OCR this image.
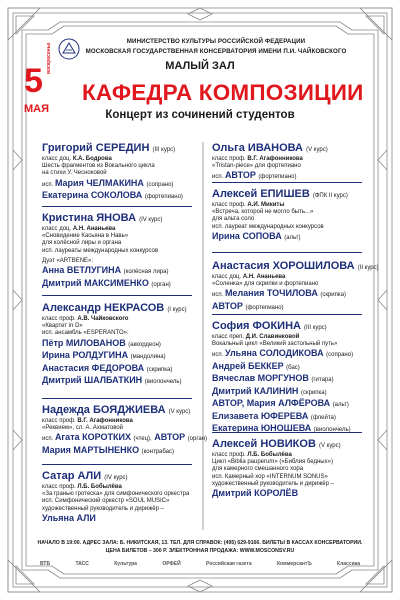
МИНИСТЕРСТВО КУЛЬТУРЫ РОССИЙСКОЙ ФЕДЕРАЦИИ
МОСКОВСКАЯ ГОСУДАРСТВЕННАЯ КОНСЕРВАТОРИЯ ИМЕНИ П.И. ЧАЙКОВСКОГО
МАЛЫЙ ЗАЛ
5
воскресенье
МАЯ
КАФЕДРА КОМПОЗИЦИИ
Концерт из сочинений студентов
Григорий СЕРЕДИН (III курс)
класс доц. К.А. Бодрова
Шесть фрагментов из Вокального цикла
на стихи У. Чесноковой
исп. Мария ЧЕЛМАКИНА (сопрано)
Екатерина СОКОЛОВА (фортепиано)
Кристина ЯНОВА (IV курс)
класс доц. А.Н. Ананьева
«Сновидение Касьяна в Навь»
для колёсной лиры и органа
исп. лауреаты международных конкурсов
Дуэт «ARTBENE»:
Анна ВЕТЛУГИНА (колёсная лира)
Дмитрий МАКСИМЕНКО (орган)
Александр НЕКРАСОВ (I курс)
класс проф. А.В. Чайковского
«Квартет in D»
исп. ансамбль «ESPERANTO»:
Пётр МИЛОВАНОВ (аккордеон)
Ирина РОЛДУГИНА (мандолина)
Анастасия ФЕДОРОВА (скрипка)
Дмитрий ШАЛБАТКИН (виолончель)
Надежда БОЯДЖИЕВА (V курс)
класс проф. В.Г. Агафонникова
«Реквием», сл. А. Ахматовой
исп. Агата КОРОТКИХ (чтец), АВТОР (орган)
Мария МАРТЫНЕНКО (контрабас)
Сатар АЛИ (IV курс)
класс проф. Л.Б. Бобылёва
«За гранью гротеска» для симфонического оркестра
исп. Симфонический оркестр «SOUL MUSIC»
художественный руководитель и дирижёр –
Ульяна АЛИ
Ольга ИВАНОВА (V курс)
класс проф. В.Г. Агафонникова
«Tristan-piece» для фортепиано
исп. АВТОР (фортепиано)
Алексей ЕПИШЕВ (ФПК II курс)
класс проф. А.И. Микиты
«Встреча, которой не могло быть...»
для альта соло
исп. лауреат международных конкурсов
Ирина СОПОВА (альт)
Анастасия ХОРОШИЛОВА (II курс)
класс доц. А.Н. Ананьева
«Соленка» для скрипки и фортепиано
исп. Мелания ТОЧИЛОВА (скрипка)
АВТОР (фортепиано)
София ФОКИНА (III курс)
класс преп. Д.И. Славинковой
Вокальный цикл «Великий застольный путь»
исп. Ульяна СОЛОДИКОВА (сопрано)
Андрей БЕККЕР (бас)
Вячеслав МОРГУНОВ (гитара)
Дмитрий КАЛИНИН (скрипка)
АВТОР, Мария АЛФЁРОВА (альт)
Елизавета ЮФЕРЕВА (флейта)
Екатерина ЮНОШЕВА (виолончель)
Алексей НОВИКОВ (V курс)
класс проф. Л.Б. Бобылёва
Цикл «Biblia pauperum» («Библия бедных»)
для камерного смешанного хора
исп. Камерный хор «INTERNUM SONUS»
художественный руководитель и дирижёр –
Дмитрий КОРОЛЁВ
НАЧАЛО В 19:00. АДРЕС ЗАЛА: Б. НИКИТСКАЯ, 13. ТЕЛ. ДЛЯ СПРАВОК: (495) 629-9166. БИЛЕТЫ В КАССАХ КОНСЕРВАТОРИИ.
ЦЕНА БИЛЕТОВ – 300 Р. ЭЛЕКТРОННАЯ ПРОДАЖА: WWW.MOSCONSV.RU
ВТБ	ТАСС	Культура	ОРФЕЙ	Российская газета	КоммерсантЪ	Классика
